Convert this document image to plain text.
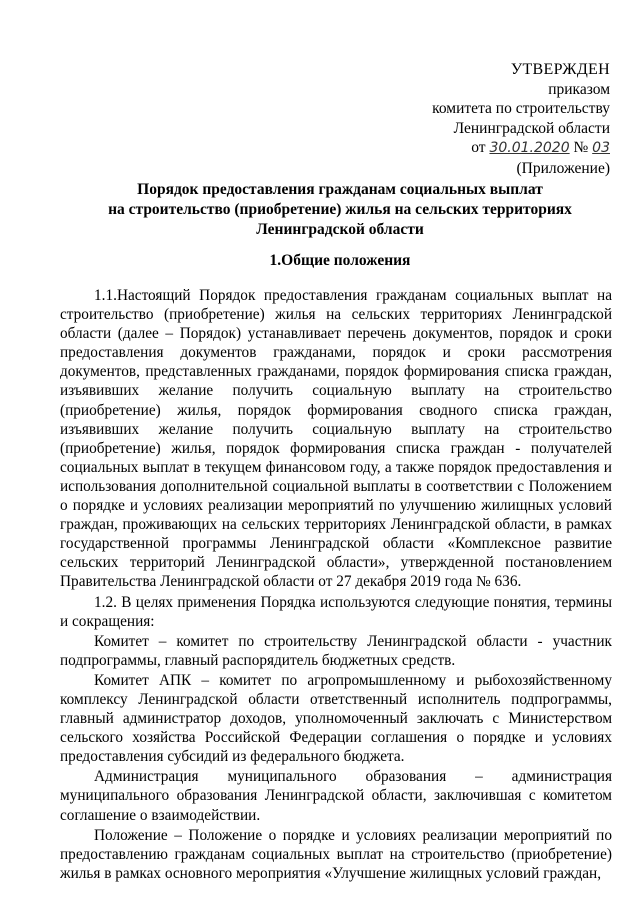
УТВЕРЖДЕН
приказом
комитета по строительству
Ленинградской области
от 30.01.2020 № 03
(Приложение)
Порядок предоставления гражданам социальных выплат
на строительство (приобретение) жилья на сельских территориях
Ленинградской области
1.Общие положения

1.1.Настоящий Порядок предоставления гражданам социальных выплат на строительство (приобретение) жилья на сельских территориях Ленинградской области (далее – Порядок) устанавливает перечень документов, порядок и сроки предоставления документов гражданами, порядок и сроки рассмотрения документов, представленных гражданами, порядок формирования списка граждан, изъявивших желание получить социальную выплату на строительство (приобретение) жилья, порядок формирования сводного списка граждан, изъявивших желание получить социальную выплату на строительство (приобретение) жилья, порядок формирования списка граждан - получателей социальных выплат в текущем финансовом году, а также порядок предоставления и использования дополнительной социальной выплаты в соответствии с Положением о порядке и условиях реализации мероприятий по улучшению жилищных условий граждан, проживающих на сельских территориях Ленинградской области, в рамках государственной программы Ленинградской области «Комплексное развитие сельских территорий Ленинградской области», утвержденной постановлением Правительства Ленинградской области от 27 декабря 2019 года № 636.

1.2. В целях применения Порядка используются следующие понятия, термины и сокращения:

Комитет – комитет по строительству Ленинградской области - участник подпрограммы, главный распорядитель бюджетных средств.

Комитет АПК – комитет по агропромышленному и рыбохозяйственному комплексу Ленинградской области ответственный исполнитель подпрограммы, главный администратор доходов, уполномоченный заключать с Министерством сельского хозяйства Российской Федерации соглашения о порядке и условиях предоставления субсидий из федерального бюджета.

Администрация муниципального образования – администрация муниципального образования Ленинградской области, заключившая с комитетом соглашение о взаимодействии.

Положение – Положение о порядке и условиях реализации мероприятий по предоставлению гражданам социальных выплат на строительство (приобретение) жилья в рамках основного мероприятия «Улучшение жилищных условий граждан,
